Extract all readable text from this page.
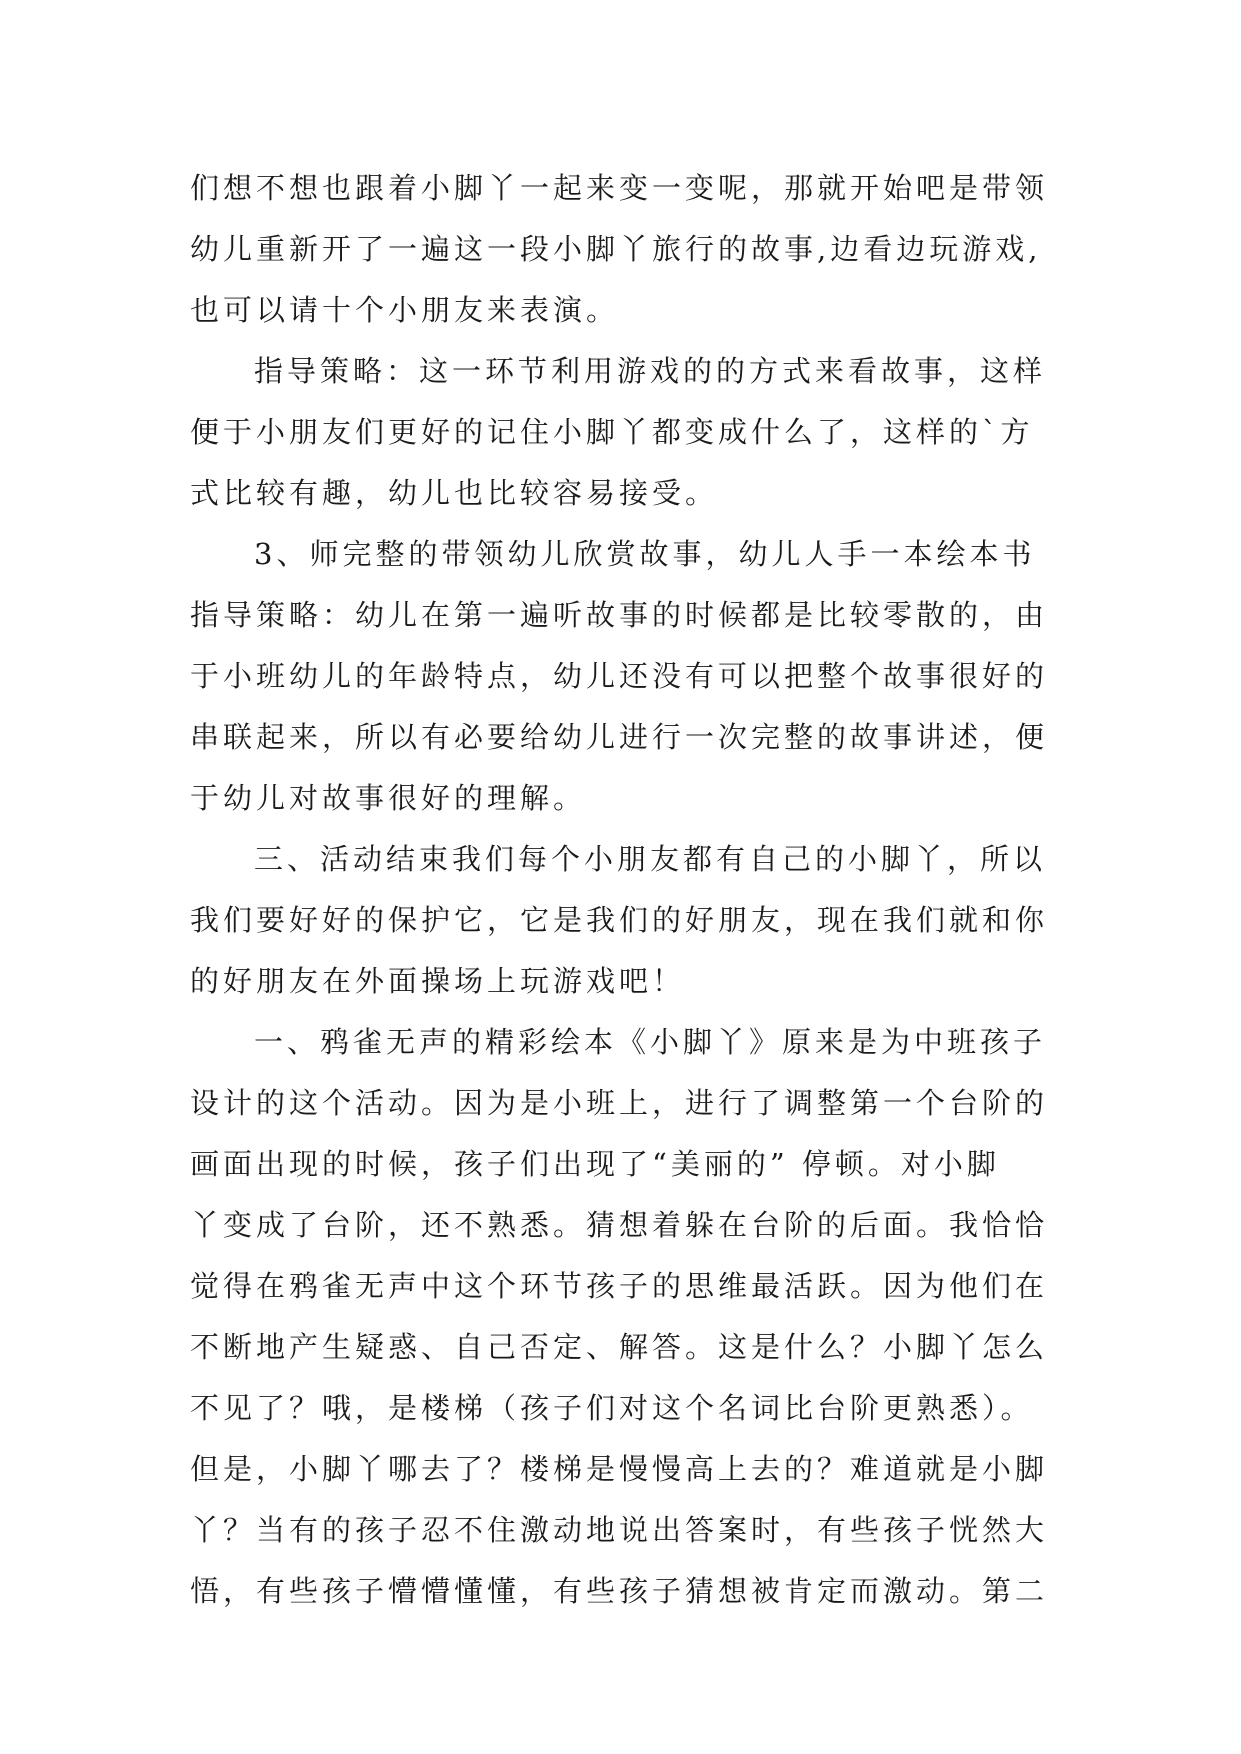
们想不想也跟着小脚丫一起来变一变呢，那就开始吧是带领
幼儿重新开了一遍这一段小脚丫旅行的故事,边看边玩游戏,
也可以请十个小朋友来表演。
指导策略：这一环节利用游戏的的方式来看故事，这样
便于小朋友们更好的记住小脚丫都变成什么了，这样的`方
式比较有趣，幼儿也比较容易接受。
3、师完整的带领幼儿欣赏故事，幼儿人手一本绘本书
指导策略：幼儿在第一遍听故事的时候都是比较零散的，由
于小班幼儿的年龄特点，幼儿还没有可以把整个故事很好的
串联起来，所以有必要给幼儿进行一次完整的故事讲述，便
于幼儿对故事很好的理解。
三、活动结束我们每个小朋友都有自己的小脚丫，所以
我们要好好的保护它，它是我们的好朋友，现在我们就和你
的好朋友在外面操场上玩游戏吧！
一、鸦雀无声的精彩绘本《小脚丫》原来是为中班孩子
设计的这个活动。因为是小班上，进行了调整第一个台阶的
画面出现的时候，孩子们出现了“美丽的” 停顿。对小脚
丫变成了台阶，还不熟悉。猜想着躲在台阶的后面。我恰恰
觉得在鸦雀无声中这个环节孩子的思维最活跃。因为他们在
不断地产生疑惑、自己否定、解答。这是什么？小脚丫怎么
不见了？哦，是楼梯（孩子们对这个名词比台阶更熟悉）。
但是，小脚丫哪去了？楼梯是慢慢高上去的？难道就是小脚
丫？当有的孩子忍不住激动地说出答案时，有些孩子恍然大
悟，有些孩子懵懵懂懂，有些孩子猜想被肯定而激动。第二
